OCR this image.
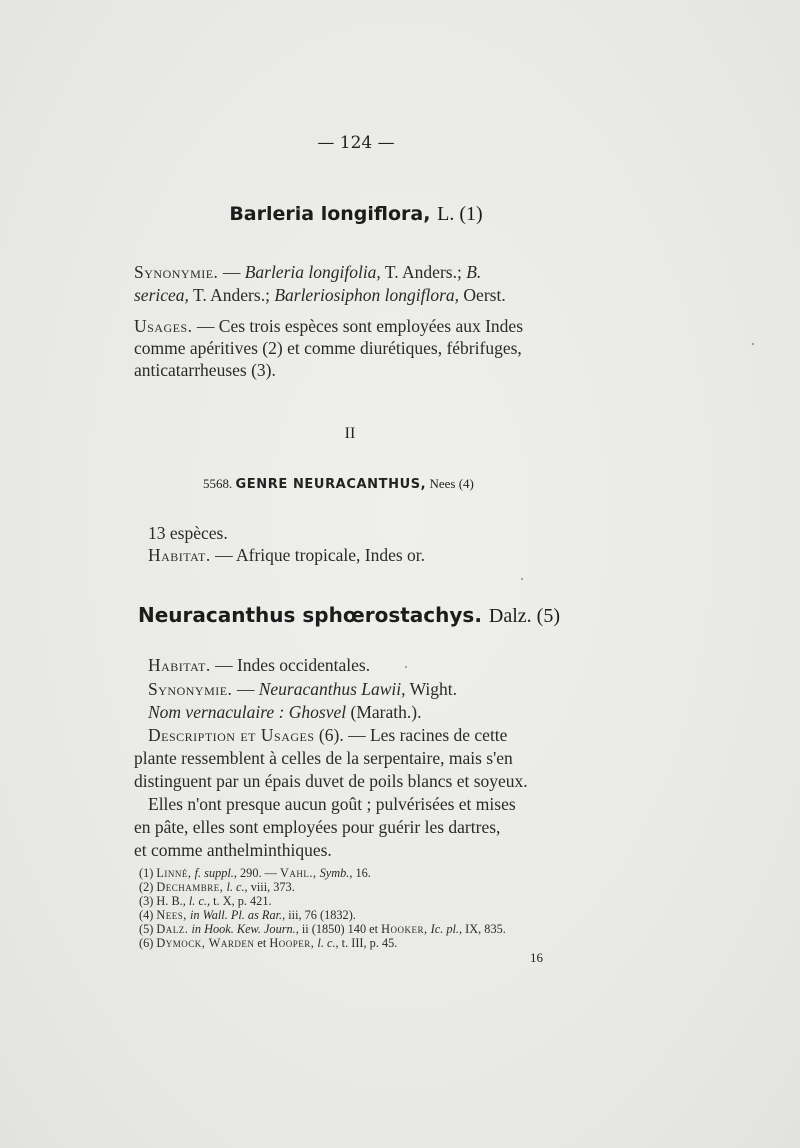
— 124 —
Barleria longiflora, L. (1)
Synonymie. — Barleria longifolia, T. Anders.; B.
sericea, T. Anders.; Barleriosiphon longiflora, Oerst.
Usages. — Ces trois espèces sont employées aux Indes
comme apéritives (2) et comme diurétiques, fébrifuges,
anticatarrheuses (3).
II
5568. GENRE NEURACANTHUS, Nees (4)
13 espèces.
Habitat. — Afrique tropicale, Indes or.
Neuracanthus sphœrostachys. Dalz. (5)
Habitat. — Indes occidentales.
Synonymie. — Neuracanthus Lawii, Wight.
Nom vernaculaire : Ghosvel (Marath.).
Description et Usages (6). — Les racines de cette
plante ressemblent à celles de la serpentaire, mais s'en
distinguent par un épais duvet de poils blancs et soyeux.
Elles n'ont presque aucun goût ; pulvérisées et mises
en pâte, elles sont employées pour guérir les dartres,
et comme anthelminthiques.
(1) Linné, f. suppl., 290. — Vahl., Symb., 16.
(2) Dechambre, l. c., viii, 373.
(3) H. B., l. c., t. X, p. 421.
(4) Nees, in Wall. Pl. as Rar., iii, 76 (1832).
(5) Dalz. in Hook. Kew. Journ., ii (1850) 140 et Hooker, Ic. pl., IX, 835.
(6) Dymock, Warden et Hooper, l. c., t. III, p. 45.
16
